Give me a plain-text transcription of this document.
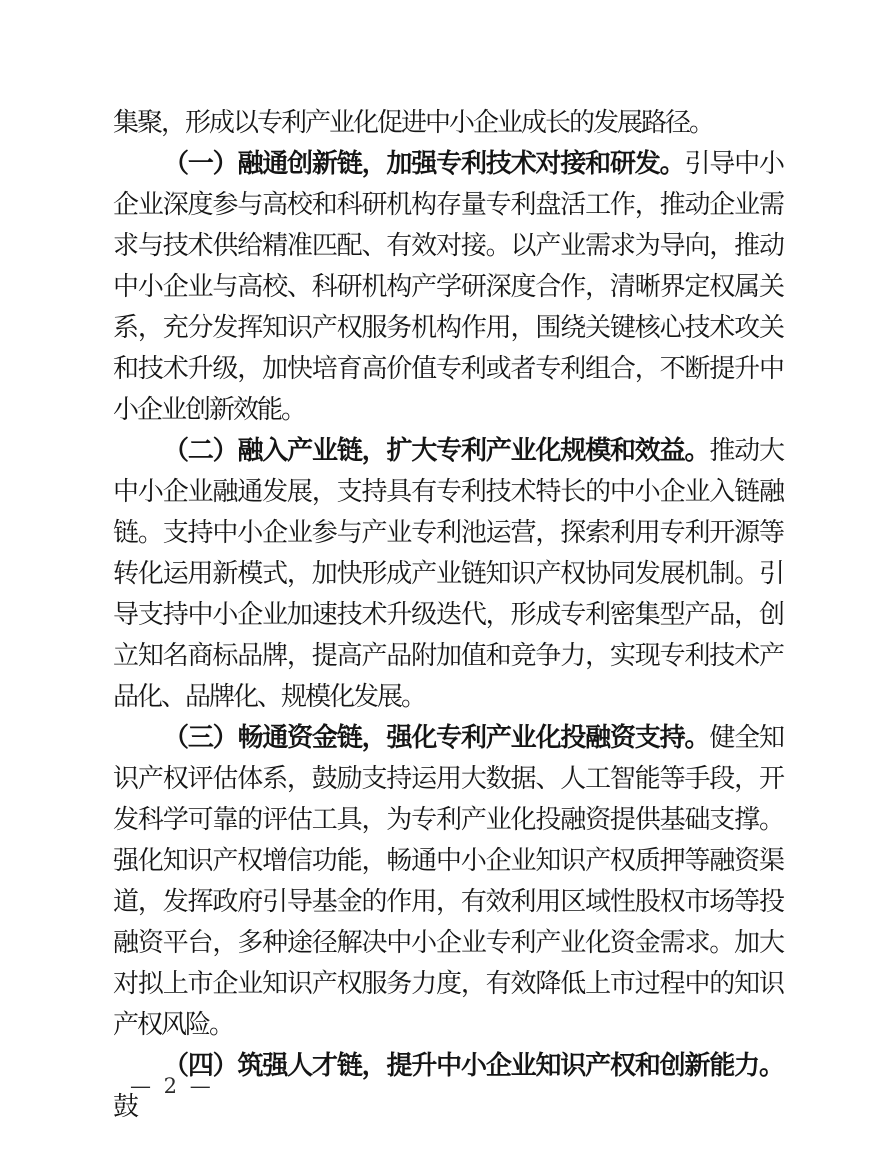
集聚，形成以专利产业化促进中小企业成长的发展路径。

（一）融通创新链，加强专利技术对接和研发。引导中小企业深度参与高校和科研机构存量专利盘活工作，推动企业需求与技术供给精准匹配、有效对接。以产业需求为导向，推动中小企业与高校、科研机构产学研深度合作，清晰界定权属关系，充分发挥知识产权服务机构作用，围绕关键核心技术攻关和技术升级，加快培育高价值专利或者专利组合，不断提升中小企业创新效能。

（二）融入产业链，扩大专利产业化规模和效益。推动大中小企业融通发展，支持具有专利技术特长的中小企业入链融链。支持中小企业参与产业专利池运营，探索利用专利开源等转化运用新模式，加快形成产业链知识产权协同发展机制。引导支持中小企业加速技术升级迭代，形成专利密集型产品，创立知名商标品牌，提高产品附加值和竞争力，实现专利技术产品化、品牌化、规模化发展。

（三）畅通资金链，强化专利产业化投融资支持。健全知识产权评估体系，鼓励支持运用大数据、人工智能等手段，开发科学可靠的评估工具，为专利产业化投融资提供基础支撑。强化知识产权增信功能，畅通中小企业知识产权质押等融资渠道，发挥政府引导基金的作用，有效利用区域性股权市场等投融资平台，多种途径解决中小企业专利产业化资金需求。加大对拟上市企业知识产权服务力度，有效降低上市过程中的知识产权风险。

（四）筑强人才链，提升中小企业知识产权和创新能力。鼓

— 2 —
